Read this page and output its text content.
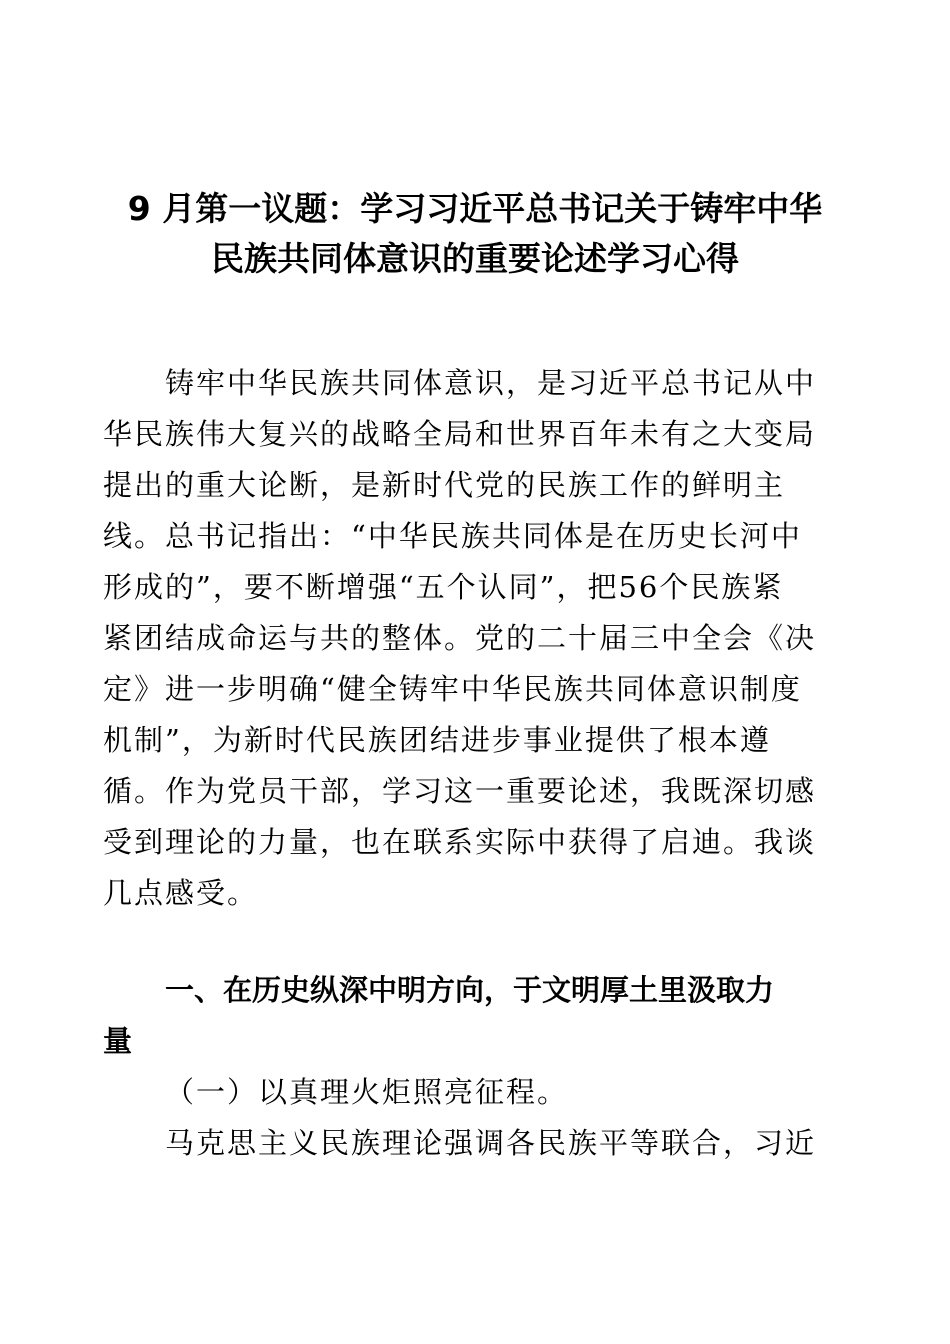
9 月第一议题：学习习近平总书记关于铸牢中华
民族共同体意识的重要论述学习心得
铸牢中华民族共同体意识，是习近平总书记从中
华民族伟大复兴的战略全局和世界百年未有之大变局
提出的重大论断，是新时代党的民族工作的鲜明主
线。总书记指出：“中华民族共同体是在历史长河中
形成的”，要不断增强“五个认同”，把56个民族紧
紧团结成命运与共的整体。党的二十届三中全会《决
定》进一步明确“健全铸牢中华民族共同体意识制度
机制”，为新时代民族团结进步事业提供了根本遵
循。作为党员干部，学习这一重要论述，我既深切感
受到理论的力量，也在联系实际中获得了启迪。我谈
几点感受。
一、在历史纵深中明方向，于文明厚土里汲取力
量
（一）以真理火炬照亮征程。
马克思主义民族理论强调各民族平等联合，习近
